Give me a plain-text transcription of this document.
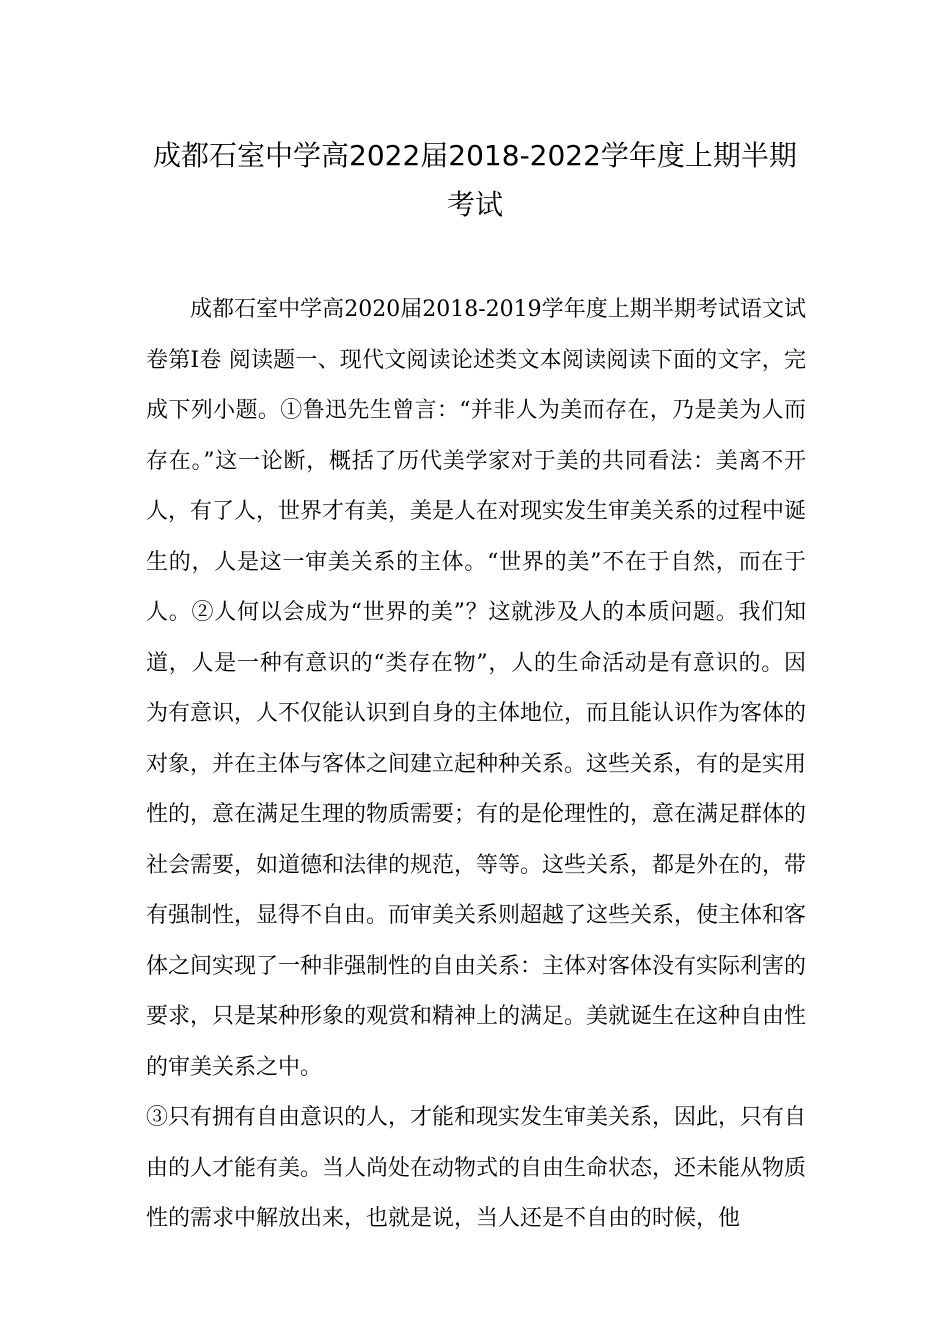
成都石室中学高2022届2018-2022学年度上期半期
考试

成都石室中学高2020届2018-2019学年度上期半期考试语文试卷第Ⅰ卷 阅读题一、现代文阅读论述类文本阅读阅读下面的文字，完成下列小题。①鲁迅先生曾言：“并非人为美而存在，乃是美为人而存在。”这一论断，概括了历代美学家对于美的共同看法：美离不开人，有了人，世界才有美，美是人在对现实发生审美关系的过程中诞生的，人是这一审美关系的主体。“世界的美”不在于自然，而在于人。②人何以会成为“世界的美”？这就涉及人的本质问题。我们知道，人是一种有意识的“类存在物”，人的生命活动是有意识的。因为有意识，人不仅能认识到自身的主体地位，而且能认识作为客体的对象，并在主体与客体之间建立起种种关系。这些关系，有的是实用性的，意在满足生理的物质需要；有的是伦理性的，意在满足群体的社会需要，如道德和法律的规范，等等。这些关系，都是外在的，带有强制性，显得不自由。而审美关系则超越了这些关系，使主体和客体之间实现了一种非强制性的自由关系：主体对客体没有实际利害的要求，只是某种形象的观赏和精神上的满足。美就诞生在这种自由性的审美关系之中。

③只有拥有自由意识的人，才能和现实发生审美关系，因此，只有自由的人才能有美。当人尚处在动物式的自由生命状态，还未能从物质性的需求中解放出来，也就是说，当人还是不自由的时候，他
